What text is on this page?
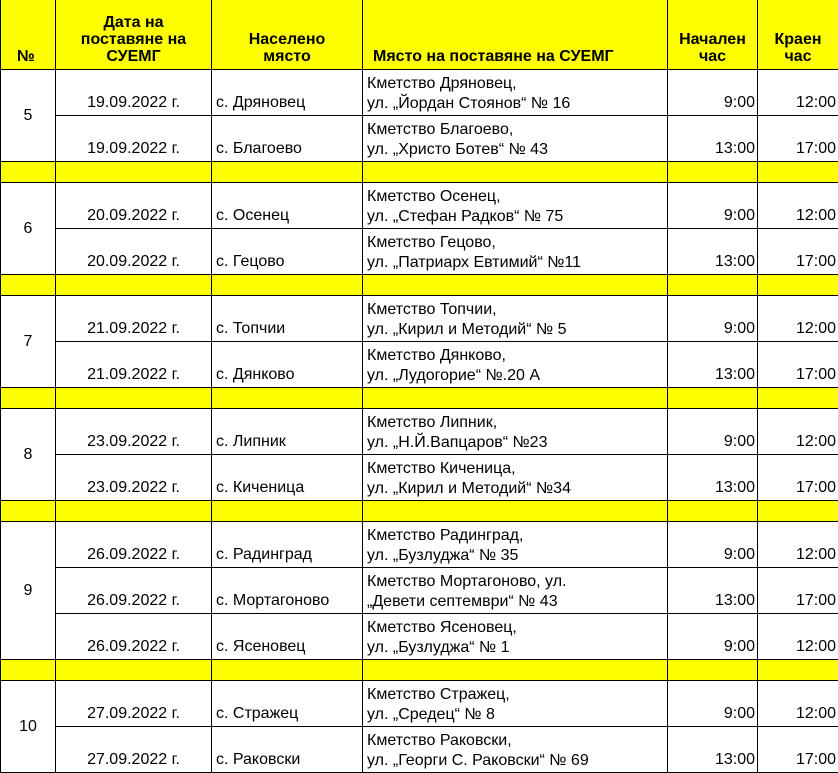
№	Дата на
поставяне на
СУЕМГ	Населено
място	Място на поставяне на СУЕМГ	Начален
час	Краен
час

5	19.09.2022 г.	с. Дряновец	Кметство Дряновец,
ул. „Йордан Стоянов“ № 16	9:00	12:00
	19.09.2022 г.	с. Благоево	Кметство Благоево,
ул. „Христо Ботев“ № 43	13:00	17:00

6	20.09.2022 г.	с. Осенец	Кметство Осенец,
ул. „Стефан Радков“ № 75	9:00	12:00
	20.09.2022 г.	с. Гецово	Кметство Гецово,
ул. „Патриарх Евтимий“ №11	13:00	17:00

7	21.09.2022 г.	с. Топчии	Кметство Топчии,
ул. „Кирил и Методий“ № 5	9:00	12:00
	21.09.2022 г.	с. Дянково	Кметство Дянково,
ул. „Лудогорие“ №.20 А	13:00	17:00

8	23.09.2022 г.	с. Липник	Кметство Липник,
ул. „Н.Й.Вапцаров“ №23	9:00	12:00
	23.09.2022 г.	с. Киченица	Кметство Киченица,
ул. „Кирил и Методий“ №34	13:00	17:00

9	26.09.2022 г.	с. Радинград	Кметство Радинград,
ул. „Бузлуджа“ № 35	9:00	12:00
	26.09.2022 г.	с. Мортагоново	Кметство Мортагоново, ул.
„Девети септември“ № 43	13:00	17:00
	26.09.2022 г.	с. Ясеновец	Кметство Ясеновец,
ул. „Бузлуджа“ № 1	9:00	12:00

10	27.09.2022 г.	с. Стражец	Кметство Стражец,
ул. „Средец“ № 8	9:00	12:00
	27.09.2022 г.	с. Раковски	Кметство Раковски,
ул. „Георги С. Раковски“ № 69	13:00	17:00
